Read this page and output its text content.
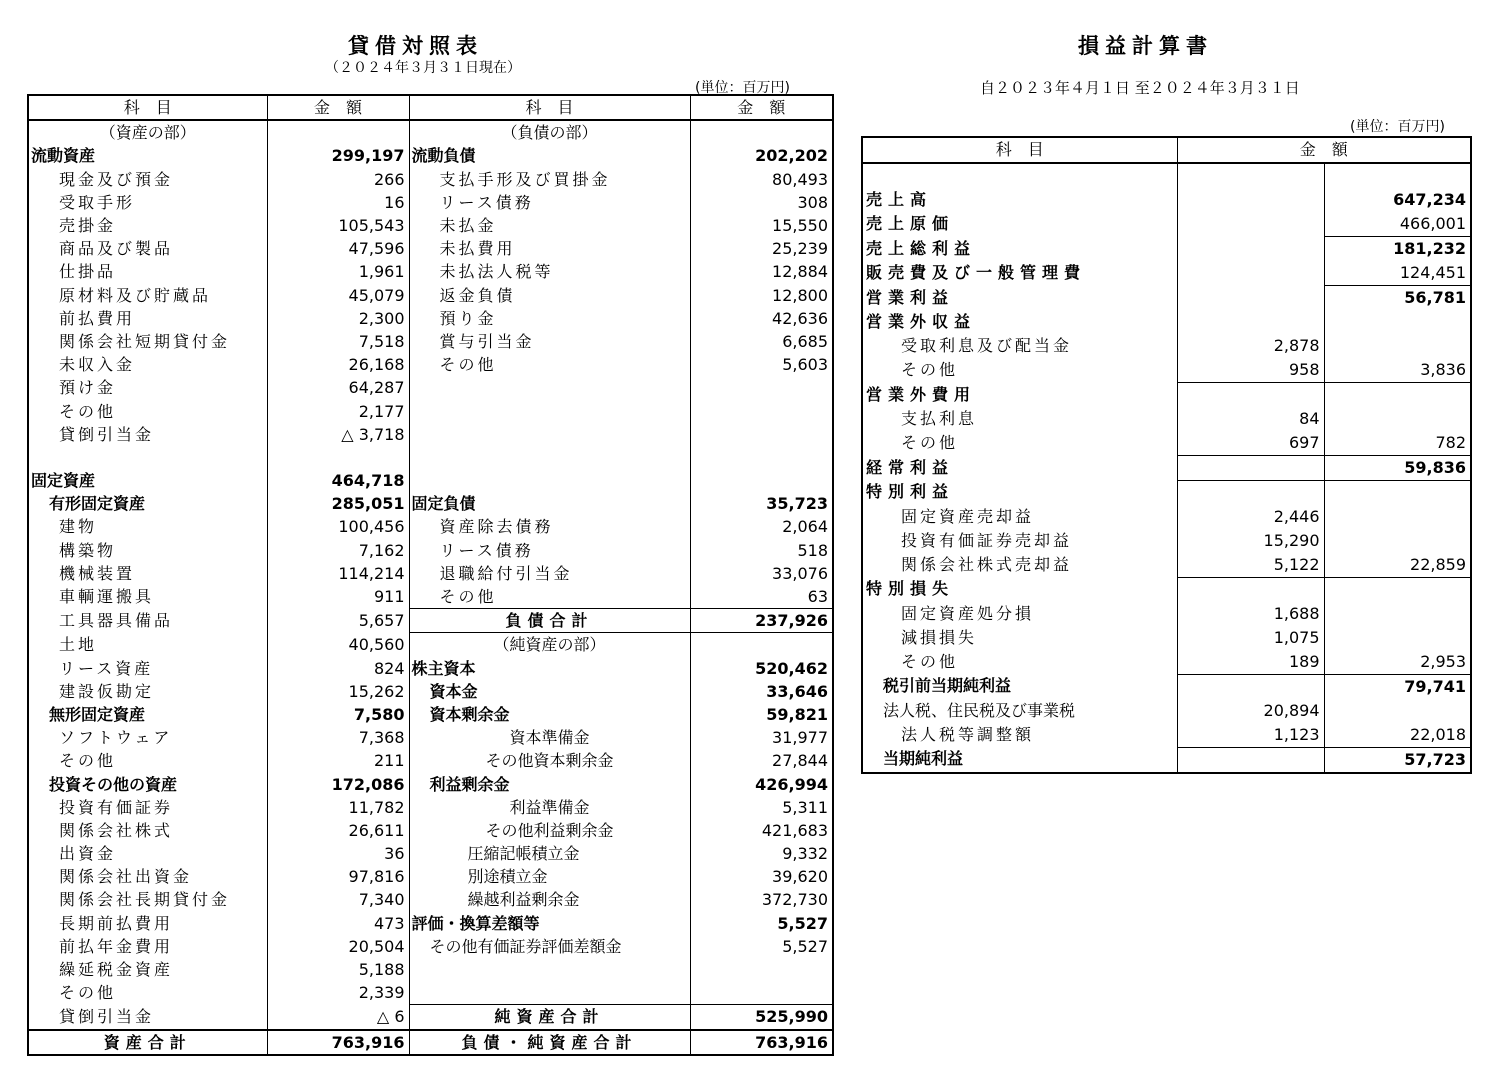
貸借対照表
（２０２４年３月３１日現在）
(単位：百万円)
科　目	金　額	科　目	金　額
（資産の部）		（負債の部）	
流動資産	299,197	流動負債	202,202
現金及び預金	266	支払手形及び買掛金	80,493
受取手形	16	リース債務	308
売掛金	105,543	未払金	15,550
商品及び製品	47,596	未払費用	25,239
仕掛品	1,961	未払法人税等	12,884
原材料及び貯蔵品	45,079	返金負債	12,800
前払費用	2,300	預り金	42,636
関係会社短期貸付金	7,518	賞与引当金	6,685
未収入金	26,168	その他	5,603
預け金	64,287		
その他	2,177		
貸倒引当金	△ 3,718		

固定資産	464,718		
有形固定資産	285,051	固定負債	35,723
建物	100,456	資産除去債務	2,064
構築物	7,162	リース債務	518
機械装置	114,214	退職給付引当金	33,076
車輌運搬具	911	その他	63
工具器具備品	5,657	負債合計	237,926
土地	40,560	（純資産の部）	
リース資産	824	株主資本	520,462
建設仮勘定	15,262	資本金	33,646
無形固定資産	7,580	資本剰余金	59,821
ソフトウェア	7,368	資本準備金	31,977
その他	211	その他資本剰余金	27,844
投資その他の資産	172,086	利益剰余金	426,994
投資有価証券	11,782	利益準備金	5,311
関係会社株式	26,611	その他利益剰余金	421,683
出資金	36	圧縮記帳積立金	9,332
関係会社出資金	97,816	別途積立金	39,620
関係会社長期貸付金	7,340	繰越利益剰余金	372,730
長期前払費用	473	評価・換算差額等	5,527
前払年金費用	20,504	その他有価証券評価差額金	5,527
繰延税金資産	5,188		
その他	2,339		
貸倒引当金	△ 6	純資産合計	525,990
資産合計	763,916	負債・純資産合計	763,916
損益計算書
自２０２３年４月１日 至２０２４年３月３１日
(単位：百万円)
科　目	金　額	

売上高		647,234
売上原価		466,001
売上総利益		181,232
販売費及び一般管理費		124,451
営業利益		56,781
営業外収益		
受取利息及び配当金	2,878	
その他	958	3,836
営業外費用		
支払利息	84	
その他	697	782
経常利益		59,836
特別利益		
固定資産売却益	2,446	
投資有価証券売却益	15,290	
関係会社株式売却益	5,122	22,859
特別損失		
固定資産処分損	1,688	
減損損失	1,075	
その他	189	2,953
税引前当期純利益		79,741
法人税、住民税及び事業税	20,894	
法人税等調整額	1,123	22,018
当期純利益		57,723
